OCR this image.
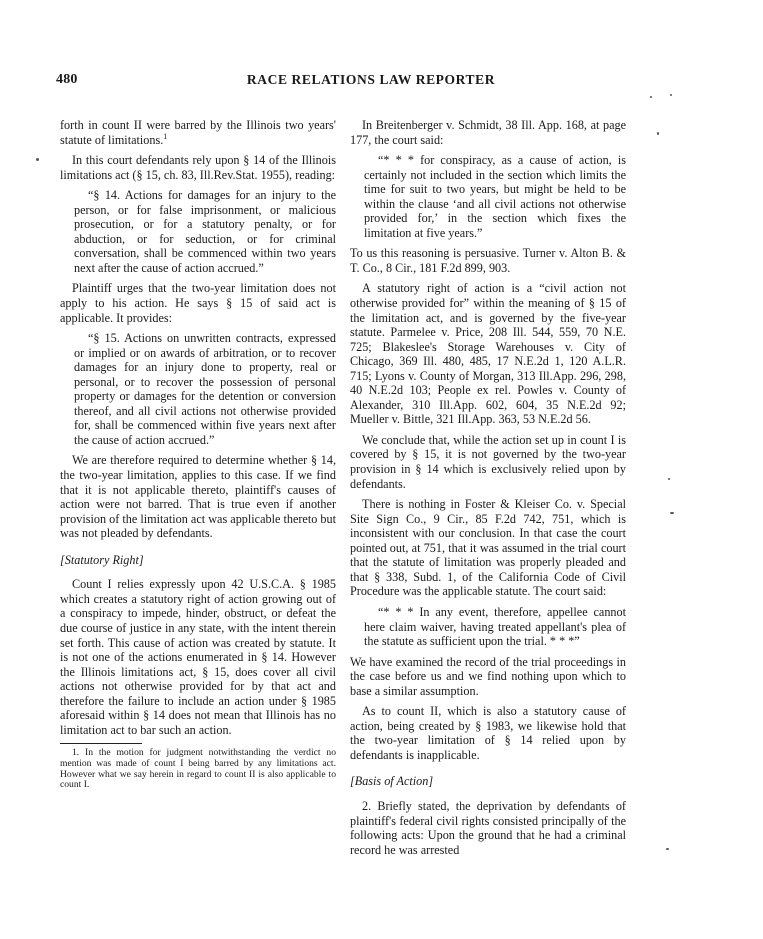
480	RACE RELATIONS LAW REPORTER

forth in count II were barred by the Illinois two years' statute of limitations.$^1$

In this court defendants rely upon § 14 of the Illinois limitations act (§ 15, ch. 83, Ill.Rev.Stat. 1955), reading:

“§ 14. Actions for damages for an injury to the person, or for false imprisonment, or malicious prosecution, or for a statutory penalty, or for abduction, or for seduction, or for criminal conversation, shall be commenced within two years next after the cause of action accrued.”

Plaintiff urges that the two-year limitation does not apply to his action. He says § 15 of said act is applicable. It provides:

“§ 15. Actions on unwritten contracts, expressed or implied or on awards of arbitration, or to recover damages for an injury done to property, real or personal, or to recover the possession of personal property or damages for the detention or conversion thereof, and all civil actions not otherwise provided for, shall be commenced within five years next after the cause of action accrued.”

We are therefore required to determine whether § 14, the two-year limitation, applies to this case. If we find that it is not applicable thereto, plaintiff's causes of action were not barred. That is true even if another provision of the limitation act was applicable thereto but was not pleaded by defendants.

[Statutory Right]

Count I relies expressly upon 42 U.S.C.A. § 1985 which creates a statutory right of action growing out of a conspiracy to impede, hinder, obstruct, or defeat the due course of justice in any state, with the intent therein set forth. This cause of action was created by statute. It is not one of the actions enumerated in § 14. However the Illinois limitations act, § 15, does cover all civil actions not otherwise provided for by that act and therefore the failure to include an action under § 1985 aforesaid within § 14 does not mean that Illinois has no limitation act to bar such an action.

1. In the motion for judgment notwithstanding the verdict no mention was made of count I being barred by any limitations act. However what we say herein in regard to count II is also applicable to count I.

In Breitenberger v. Schmidt, 38 Ill. App. 168, at page 177, the court said:

“* * * for conspiracy, as a cause of action, is certainly not included in the section which limits the time for suit to two years, but might be held to be within the clause ‘and all civil actions not otherwise provided for,’ in the section which fixes the limitation at five years.”

To us this reasoning is persuasive. Turner v. Alton B. & T. Co., 8 Cir., 181 F.2d 899, 903.

A statutory right of action is a “civil action not otherwise provided for” within the meaning of § 15 of the limitation act, and is governed by the five-year statute. Parmelee v. Price, 208 Ill. 544, 559, 70 N.E. 725; Blakeslee's Storage Warehouses v. City of Chicago, 369 Ill. 480, 485, 17 N.E.2d 1, 120 A.L.R. 715; Lyons v. County of Morgan, 313 Ill.App. 296, 298, 40 N.E.2d 103; People ex rel. Powles v. County of Alexander, 310 Ill.App. 602, 604, 35 N.E.2d 92; Mueller v. Bittle, 321 Ill.App. 363, 53 N.E.2d 56.

We conclude that, while the action set up in count I is covered by § 15, it is not governed by the two-year provision in § 14 which is exclusively relied upon by defendants.

There is nothing in Foster & Kleiser Co. v. Special Site Sign Co., 9 Cir., 85 F.2d 742, 751, which is inconsistent with our conclusion. In that case the court pointed out, at 751, that it was assumed in the trial court that the statute of limitation was properly pleaded and that § 338, Subd. 1, of the California Code of Civil Procedure was the applicable statute. The court said:

“* * * In any event, therefore, appellee cannot here claim waiver, having treated appellant's plea of the statute as sufficient upon the trial. * * *”

We have examined the record of the trial proceedings in the case before us and we find nothing upon which to base a similar assumption.

As to count II, which is also a statutory cause of action, being created by § 1983, we likewise hold that the two-year limitation of § 14 relied upon by defendants is inapplicable.

[Basis of Action]

2. Briefly stated, the deprivation by defendants of plaintiff's federal civil rights consisted principally of the following acts: Upon the ground that he had a criminal record he was arrested
